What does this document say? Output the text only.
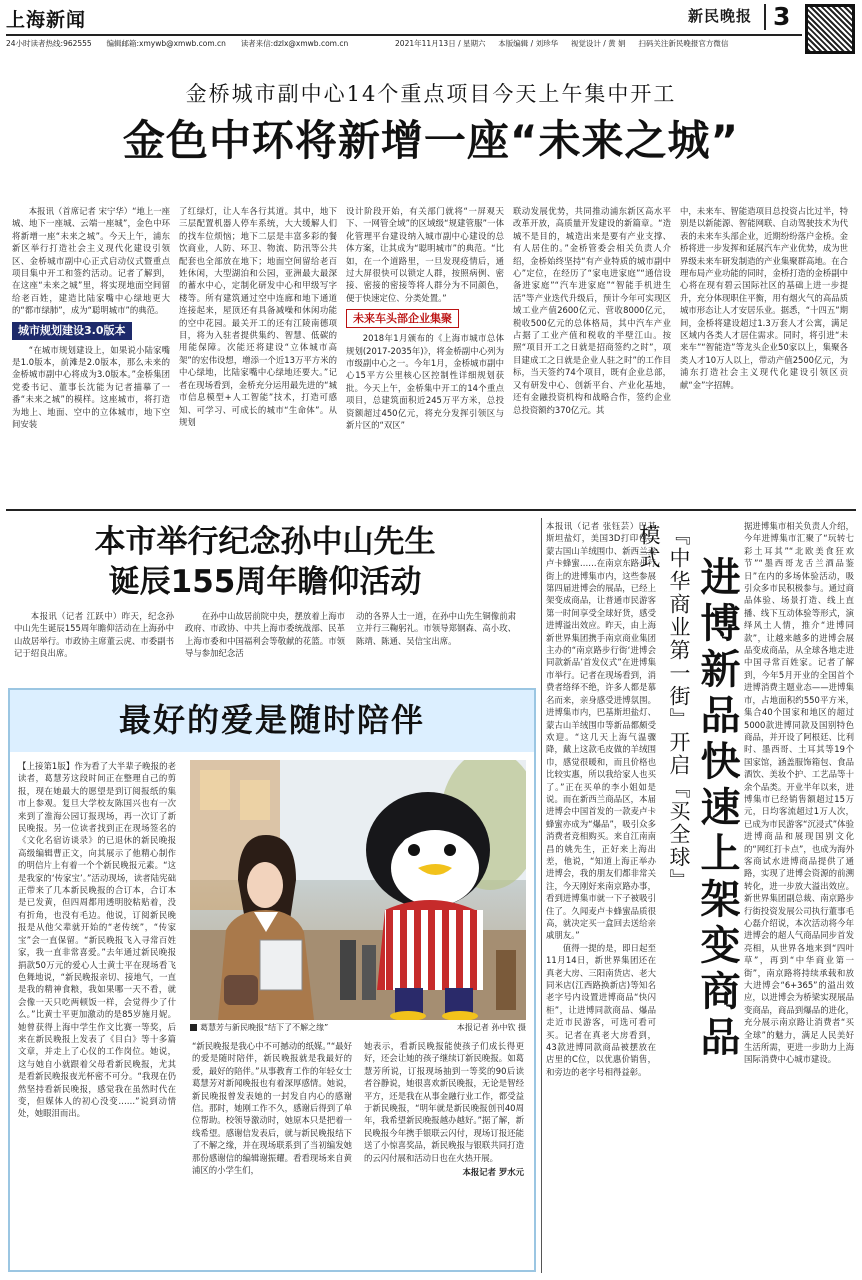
上海新闻	新民晚报 3
24小时读者热线:962555 编辑邮箱:xmywb@xmwb.com.cn 读者来信:dzlx@xmwb.com.cn	2021年11月13日 / 星期六 本版编辑 / 刘珍华 视觉设计 / 黄 娟 扫码关注新民晚报官方微信
金桥城市副中心14个重点项目今天上午集中开工
金色中环将新增一座“未来之城”

本报讯（首席记者 宋宁华）“地上一座城、地下一座城、云端一座城”，金色中环将新增一座“未来之城”。今天上午，浦东新区举行打造社会主义现代化建设引领区、金桥城市副中心正式启动仪式暨重点项目集中开工和签约活动。记者了解到，在这座“未来之城”里，将实现地面空间留给老百姓，建造比陆家嘴中心绿地更大的“都市绿肺”，成为“聪明城市”的典范。

城市规划建设3.0版本

“在城市规划建设上，如果说小陆家嘴是1.0版本，前滩是2.0版本，那么未来的金桥城市副中心将成为3.0版本。”金桥集团党委书记、董事长沈能为记者描摹了一番“未来之城”的模样。这座城市，将打造为地上、地面、空中的立体城市，地下空间安装

了红绿灯，让人车各行其道。其中，地下三层配置机器人停车系统，大大缓解人们的找车位烦恼；地下二层是丰富多彩的餐饮商业，人防、环卫、物流、防汛等公共配套也全部放在地下；地面空间留给老百姓休闲，大型湖泊和公园，亚洲最大最深的蓄水中心，定制化研发中心和甲级写字楼等。所有建筑通过空中连廊和地下通道连接起来，屋顶还有具备减噪和休闲功能的空中花园。最关开工的还有江陵南德项目，将为入驻者提供集约、智慧、低碳的用能保障。次能还将建设“立体城市高架”的宏伟设想，增添一个近13万平方米的中心绿地，比陆家嘴中心绿地还要大。”记者在现场看到，金桥充分运用最先进的“城市信息模型+人工智能”技术，打造可感知、可学习、可成长的城市“生命体”。从规划

设计阶段开始，有关部门就将“一屏观天下、一网管全域”的区域级“规建管服”一体化管理平台建设纳入城市副中心建设的总体方案，让其成为“聪明城市”的典范。“比如，在一个道路里，一旦发现疫情后，通过大屏很快可以锁定人群，按照病例、密接、密接的密接等将人群分为不同颜色，便于快速定位、分类处置。”

未来车头部企业集聚

2018年1月颁布的《上海市城市总体规划(2017-2035年)》，将金桥副中心列为市级副中心之一。今年1月，金桥城市副中心15平方公里核心区控制性详细规划获批。今天上午，金桥集中开工的14个重点项目，总建筑面积近245万平方米，总投资额超过450亿元，将充分发挥引领区与新片区的“双区”

联动发展优势，共同推动浦东新区高水平改革开放，高质量开发建设的新篇章。“造城不是目的，城造出来是要有产业支撑、有人居住的。”金桥管委会相关负责人介绍，金桥始终坚持“有产业特质的城市副中心”定位，在经历了“家电进家庭”“通信设备进家庭”“汽车进家庭”“智能手机进生活”等产业迭代升级后，预计今年可实现区域工业产值2600亿元、营收8000亿元，税收500亿元的总体格局，其中汽车产业占据了工业产值和税收的半壁江山。按照“项目开工之日就是招商签约之时”，项目建成工之日就是企业人驻之时”的工作目标，当天签约74个项目，既有企业总部，又有研发中心、创新平台、产业化基地，还有金融投资机构和战略合作，签约企业总投资额约370亿元。其

中，未来车、智能造项目总投资占比过半，特别是以新能源、智能网联、自动驾驶技术为代表的未来车头部企业，近期纷纷落户金桥。金桥将进一步发挥和延展汽车产业优势，成为世界级未来车研发制造的产业集聚群高地。在合理布局产业功能的同时，金桥打造的金桥副中心将在现有碧云国际社区的基础上进一步提升，充分体现职住平衡，用有烟火气的高品质城市形态让人才安居乐业。据悉，“十四五”期间，金桥将建设超过1.3万套人才公寓，满足区域内各类人才居住需求。同时，将引进“未来车”“智能造”等龙头企业50家以上，集聚各类人才10万人以上，带动产值2500亿元，为浦东打造社会主义现代化建设引领区贡献“金”字招牌。

本市举行纪念孙中山先生
诞辰155周年瞻仰活动

本报讯（记者 江跃中）昨天，纪念孙中山先生诞辰155周年瞻仰活动在上海孙中山故居举行。市政协主席董云虎、市委副书记于绍良出席。

在孙中山故居前院中央，摆放着上海市政府、市政协、中共上海市委统战部、民革上海市委和中国福利会等敬献的花篮。市领导与参加纪念活

动的各界人士一道，在孙中山先生铜像前肃立并行三鞠躬礼。市领导郑钢森、高小玫、陈靖、陈通、吴信宝出席。

最好的爱是随时陪伴

【上接第1版】作为看了大半辈子晚报的老读者，葛慧芳这段时间正在整理自己的剪报，现在她最大的愿望是到订阅报纸的集市上参观。复旦大学校友陈国兴也有一次来到了淮海公园订报现场，再一次订了新民晚报。另一位读者找到正在现场签名的《文化名宿访谈录》的已退休的新民晚报高级编辑曹正文，向其展示了他精心制作的明信片上有着一个个新民晚报元素。“这是我家的‘传家宝’。”活动现场，读者陆宪础正带来了几本新民晚报的合订本，合订本是已发黄，但四周都用透明胶粘贴着，没有折角，也没有毛边。他说，订阅新民晚报是从他父辈就开始的“老传统”，“传家宝”会一直保留。“新民晚报飞入寻常百姓家，我一直非常喜爱。”去年通过新民晚报捐款50万元的爱心人士黄士平在现场看飞色舞地说，“新民晚报亲切、接地气，一直是我的精神食粮，我如果哪一天不看，就会像一天只吃两顿饭一样，会觉得少了什么。”比黄士平更加激动的是85岁施月妮。她曾获得上海中学生作文比赛一等奖，后来在新民晚报上发表了《目白》等十多篇文章，并走上了心仪的工作岗位。她说，这与她自小就跟着父母看新民晚报，尤其是看新民晚报夜光杯密不可分。“我现在仍然坚持看新民晚报，感觉我在虽然时代在变，但媒体人的初心没变……”说到动情处，她眼泪而出。

葛慧芳与新民晚报“结下了不解之缘”	本报记者 孙中钦 摄

“新民晚报是我心中不可撼动的纸媒。”“最好的爱是随时陪伴，新民晚报就是我最好的爱，最好的陪伴。”从事教育工作的年轻女士葛慧芳对新闻晚报也有着深厚感情。她说，新民晚报曾发表她的一封发自内心的感谢信。那时，她刚工作不久，感谢后得到了单位帮助。校领导激动时，她原本只是把着一线希望。感谢信发表后，就与新民晚报结下了不解之缘，并在现场联系到了当初编发她那份感谢信的编辑谢振耀。看看现场来自黄浦区的小学生们，

她表示，看新民晚报能使孩子们成长得更好，还会让她的孩子继续订新民晚报。如葛慧芳所说，订报现场抽到一等奖的90后读者谷静说，她很喜欢新民晚报，无论是智经平方，还是我在从事金融行业工作，都受益于新民晚报，“明年就是新民晚报创刊40周年，我希望新民晚报越办越好。”据了解，新民晚报今年携手银联云闪付，现场订报还能送了小惊喜奖品，新民晚报与银联共同打造的云闪付展和活动日也在火热开展。

本报记者 罗水元

本报讯（记者 张钰芸）巴基斯坦盐灯，美国3D打印包、蒙古国山羊绒围巾、新西兰麦卢卡蜂蜜……在南京东路步行街上的进博集市内，这些参展第四届进博会的展品，已经上架变成商品，让普通市民游客第一时间享受全球好货，感受进博溢出效应。昨天，由上海新世界集团携手南京商业集团主办的“南京路步行街‘进博会同款新品’首发仪式”在进博集市举行。记者在现场看到，消费者络绎不绝，许多人都是慕名而来，亲身感受进博氛围。进博集市内，巴基斯坦盐灯、蒙古山羊绒围巾等新品都颇受欢迎。“这几天上海气温骤降，戴上这款毛皮做的羊绒围巾，感觉很暖和，而且价格也比较实惠，所以我给家人也买了。”正在买单的李小姐如是说。而在新西兰商品区，本届进博会中国首发的一款麦卢卡蜂蜜亦成为“爆品”，吸引众多消费者竞相购买。来自江南南昌的姚先生，正好来上海出差，他说，“知道上海正举办进博会，我的朋友们都非常关注，今天刚好来南京路办事，看到进博集市就一下子被吸引住了。久闻麦卢卡蜂蜜品质很高，就决定买一盒回去送给亲戚朋友。”

值得一提的是，即日起至11月14日，新世界集团还在真老大房、三阳南货店、老大同米店(江西路换新店)等知名老字号内设置进博商品“快闪柜”，让进博同款商品、爆品走近市民游客，可选可看可买。记者在真老大房看到，43款进博同款商品被摆放在店里的C位，以优惠价销售，和旁边的老字号相得益彰。

『中华商业第一街』开启『买全球』模式
进博新品快速上架变商品

据进博集市相关负责人介绍，今年进博集市汇聚了“玩转七彩土耳其”“北欧美食狂欢节”“墨西哥龙舌兰酒品鉴日”在内的多场体验活动，吸引众多市民积极参与。通过商品体验、场景打造、线上直播、线下互动体验等形式，演绎风土人情，推介“进博同款”，让越来越多的进博会展品变成商品，从全球各地走进中国寻常百姓家。记者了解到，今年5月开业的全国首个进博消费主题业态——进博集市，占地面积约550平方米，集合40个国家和地区的超过5000款进博同款及国别特色商品，并开设了阿根廷、比利时、墨西哥、土耳其等19个国家馆，涵盖服饰箱包、食品酒饮、美妆个护、工艺品等十余个品类。开业半年以来，进博集市已经销售额超过15万元，日均客流超过1万人次，已成为市民游客“沉浸式”体验进博商品和展现国别文化的“网红打卡点”，也成为海外客商试水进博商品提供了通路，实现了进博会资源的前溯转化，进一步放大溢出效应。新世界集团副总裁、南京路步行街投资发展公司执行董事毛心磊介绍说，本次活动将今年进博会的超人气商品同步首发亮相，从世界各地来到“四叶草”，再到“中华商业第一街”，南京路将持续承载和放大进博会“6+365”的溢出效应，以进博会为桥梁实现展品变商品，商品到爆品的进化，充分展示南京路让消费者“买全球”的魅力，满足人民美好生活所需，更进一步助力上海国际消费中心城市建设。
